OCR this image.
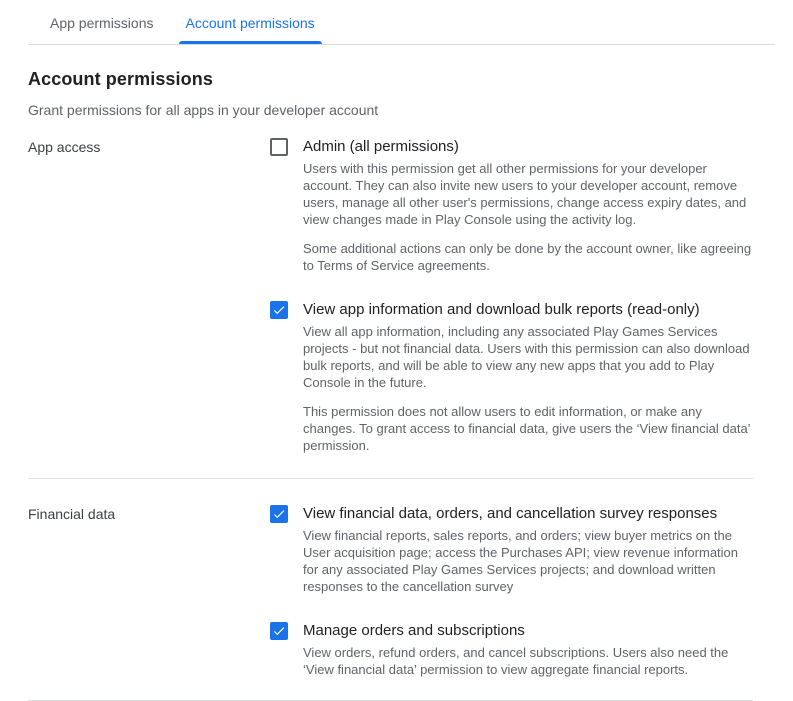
App permissions	Account permissions
Account permissions

Grant permissions for all apps in your developer account

App access	Admin (all permissions)

Users with this permission get all other permissions for your developer account. They can also invite new users to your developer account, remove users, manage all other user's permissions, change access expiry dates, and view changes made in Play Console using the activity log.

Some additional actions can only be done by the account owner, like agreeing to Terms of Service agreements.

View app information and download bulk reports (read-only)

View all app information, including any associated Play Games Services projects - but not financial data. Users with this permission can also download bulk reports, and will be able to view any new apps that you add to Play Console in the future.

This permission does not allow users to edit information, or make any changes. To grant access to financial data, give users the ‘View financial data’ permission.

Financial data	View financial data, orders, and cancellation survey responses

View financial reports, sales reports, and orders; view buyer metrics on the User acquisition page; access the Purchases API; view revenue information for any associated Play Games Services projects; and download written responses to the cancellation survey

Manage orders and subscriptions

View orders, refund orders, and cancel subscriptions. Users also need the ‘View financial data’ permission to view aggregate financial reports.
